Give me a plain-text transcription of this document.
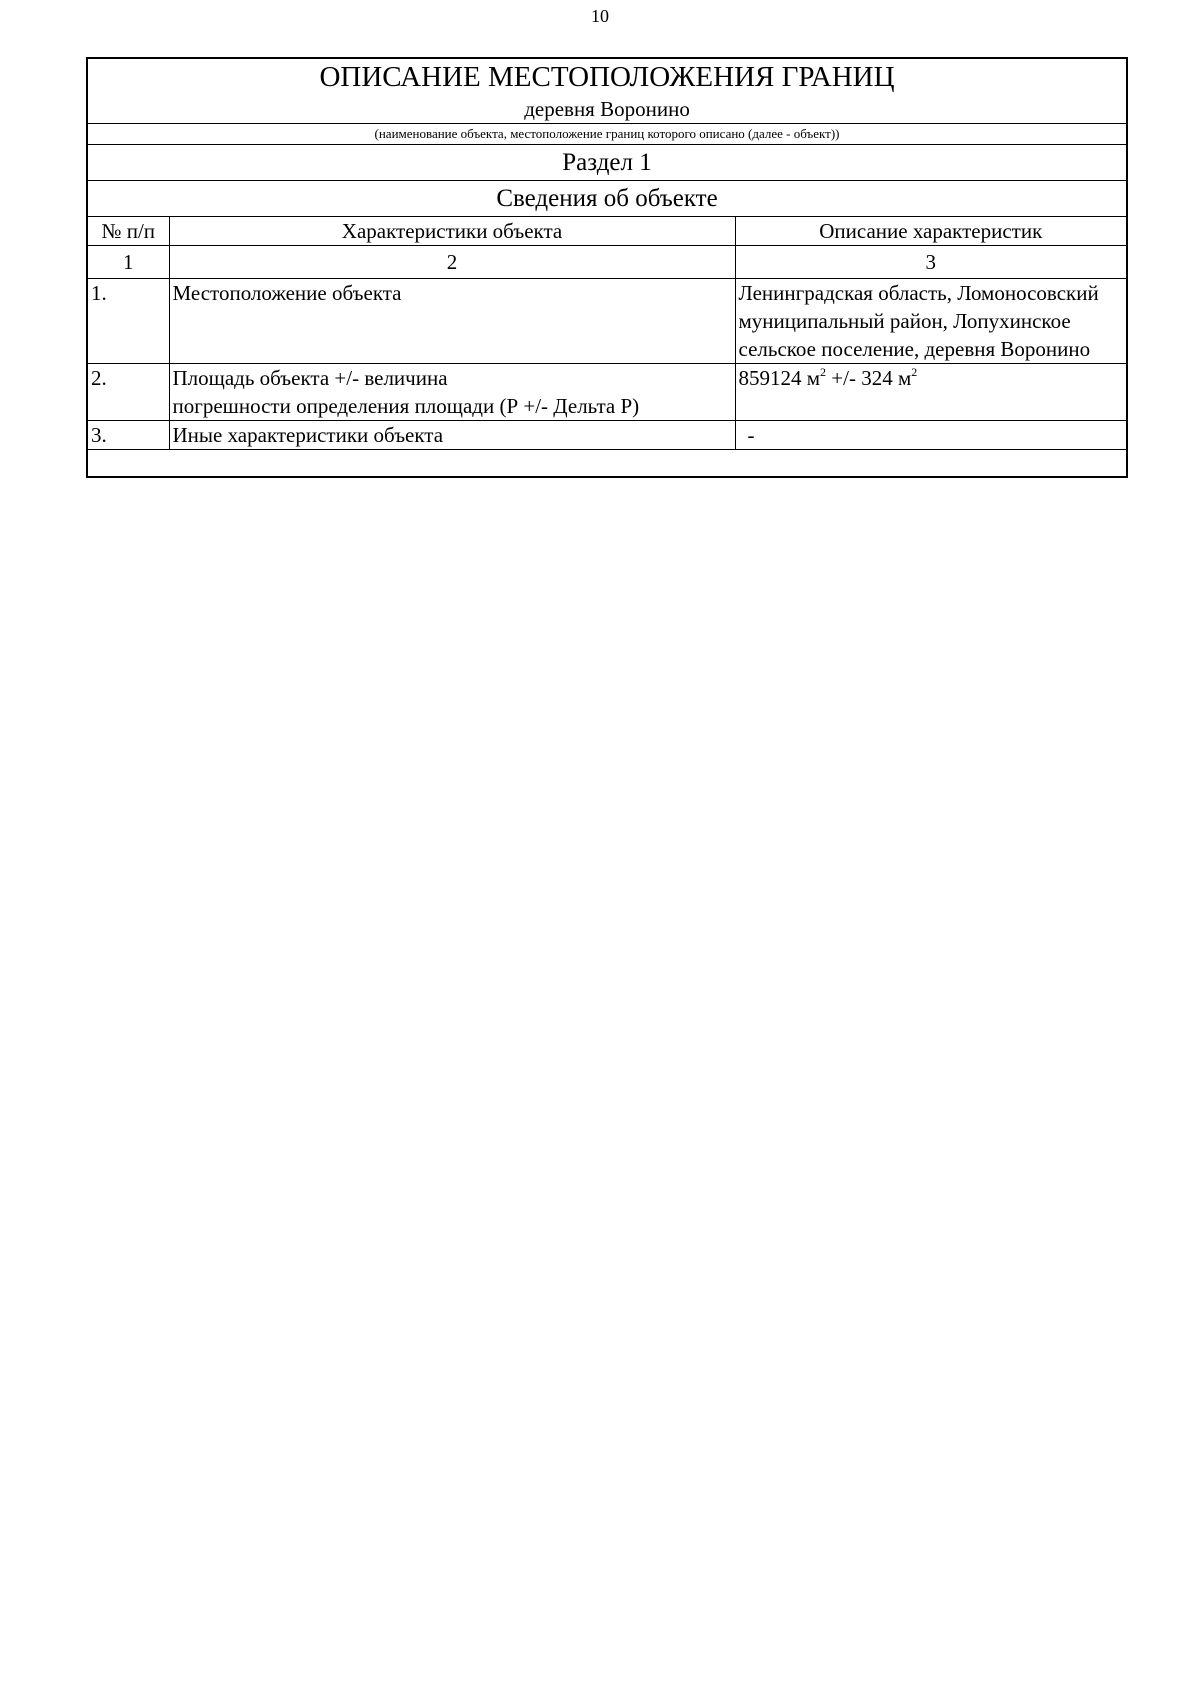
10
ОПИСАНИЕ МЕСТОПОЛОЖЕНИЯ ГРАНИЦ
деревня Воронино		

(наименование объекта, местоположение границ которого описано (далее - объект))		
Раздел 1		
Сведения об объекте		
№ п/п	Характеристики объекта	Описание характеристик
1	2	3
1.	Местоположение объекта	Ленинградская область, Ломоносовский
муниципальный район, Лопухинское
сельское поселение, деревня Воронино

2.	Площадь объекта +/- величина
погрешности определения площади (Р +/- Дельта Р)	859124 $м^2$ +/- 324 $м^2$

3.	Иные характеристики объекта	-
